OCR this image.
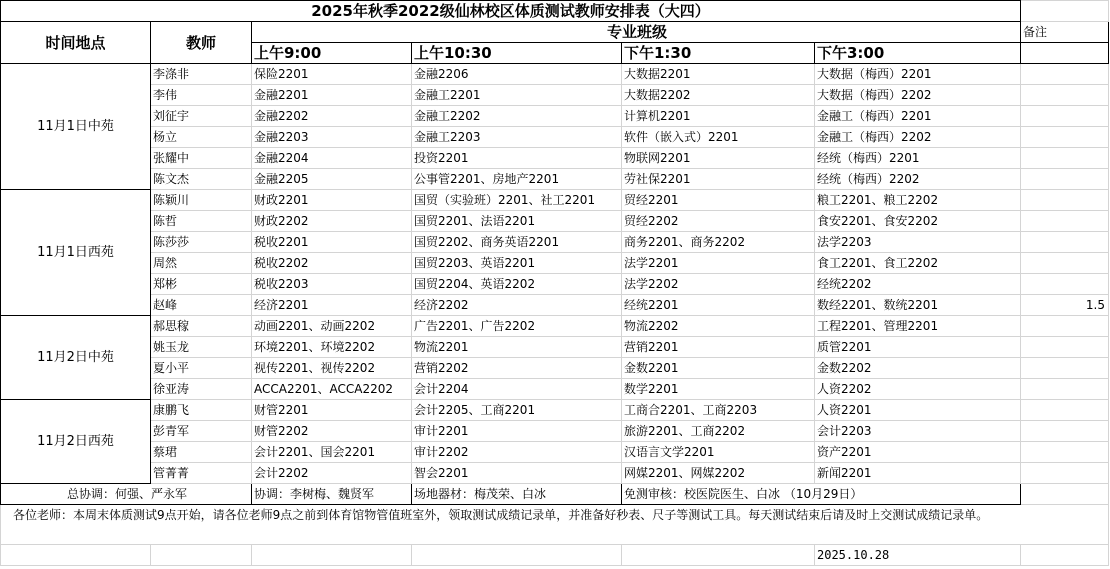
2025年秋季2022级仙林校区体质测试教师安排表（大四）						
时间地点	教师	专业班级				备注
		上午9:00	上午10:30	下午1:30	下午3:00	
11月1日中苑	李涤非	保险2201	金融2206	大数据2201	大数据（梅西）2201	
	李伟	金融2201	金融工2201	大数据2202	大数据（梅西）2202	
	刘征宇	金融2202	金融工2202	计算机2201	金融工（梅西）2201	
	杨立	金融2203	金融工2203	软件（嵌入式）2201	金融工（梅西）2202	
	张耀中	金融2204	投资2201	物联网2201	经统（梅西）2201	
	陈文杰	金融2205	公事管2201、房地产2201	劳社保2201	经统（梅西）2202	
11月1日西苑	陈颖川	财政2201	国贸（实验班）2201、社工2201	贸经2201	粮工2201、粮工2202	
	陈哲	财政2202	国贸2201、法语2201	贸经2202	食安2201、食安2202	
	陈莎莎	税收2201	国贸2202、商务英语2201	商务2201、商务2202	法学2203	
	周然	税收2202	国贸2203、英语2201	法学2201	食工2201、食工2202	
	郑彬	税收2203	国贸2204、英语2202	法学2202	经统2202	
	赵峰	经济2201	经济2202	经统2201	数经2201、数统2201	1.5
11月2日中苑	郝思稼	动画2201、动画2202	广告2201、广告2202	物流2202	工程2201、管理2201	
	姚玉龙	环境2201、环境2202	物流2201	营销2201	质管2201	
	夏小平	视传2201、视传2202	营销2202	金数2201	金数2202	
	徐亚涛	ACCA2201、ACCA2202	会计2204	数学2201	人资2202	
11月2日西苑	康鹏飞	财管2201	会计2205、工商2201	工商合2201、工商2203	人资2201	
	彭青军	财管2202	审计2201	旅游2201、工商2202	会计2203	
	蔡珺	会计2201、国会2201	审计2202	汉语言文学2201	资产2201	
	管菁菁	会计2202	智会2201	网媒2201、网媒2202	新闻2201	
总协调：何强、严永军		协调：李树梅、魏贤军	场地器材：梅茂荣、白冰	免测审核：校医院医生、白冰 （10月29日）		
各位老师：本周末体质测试9点开始，请各位老师9点之前到体育馆物管值班室外，领取测试成绩记录单，并准备好秒表、尺子等测试工具。每天测试结束后请及时上交测试成绩记录单。						
					2025.10.28	
